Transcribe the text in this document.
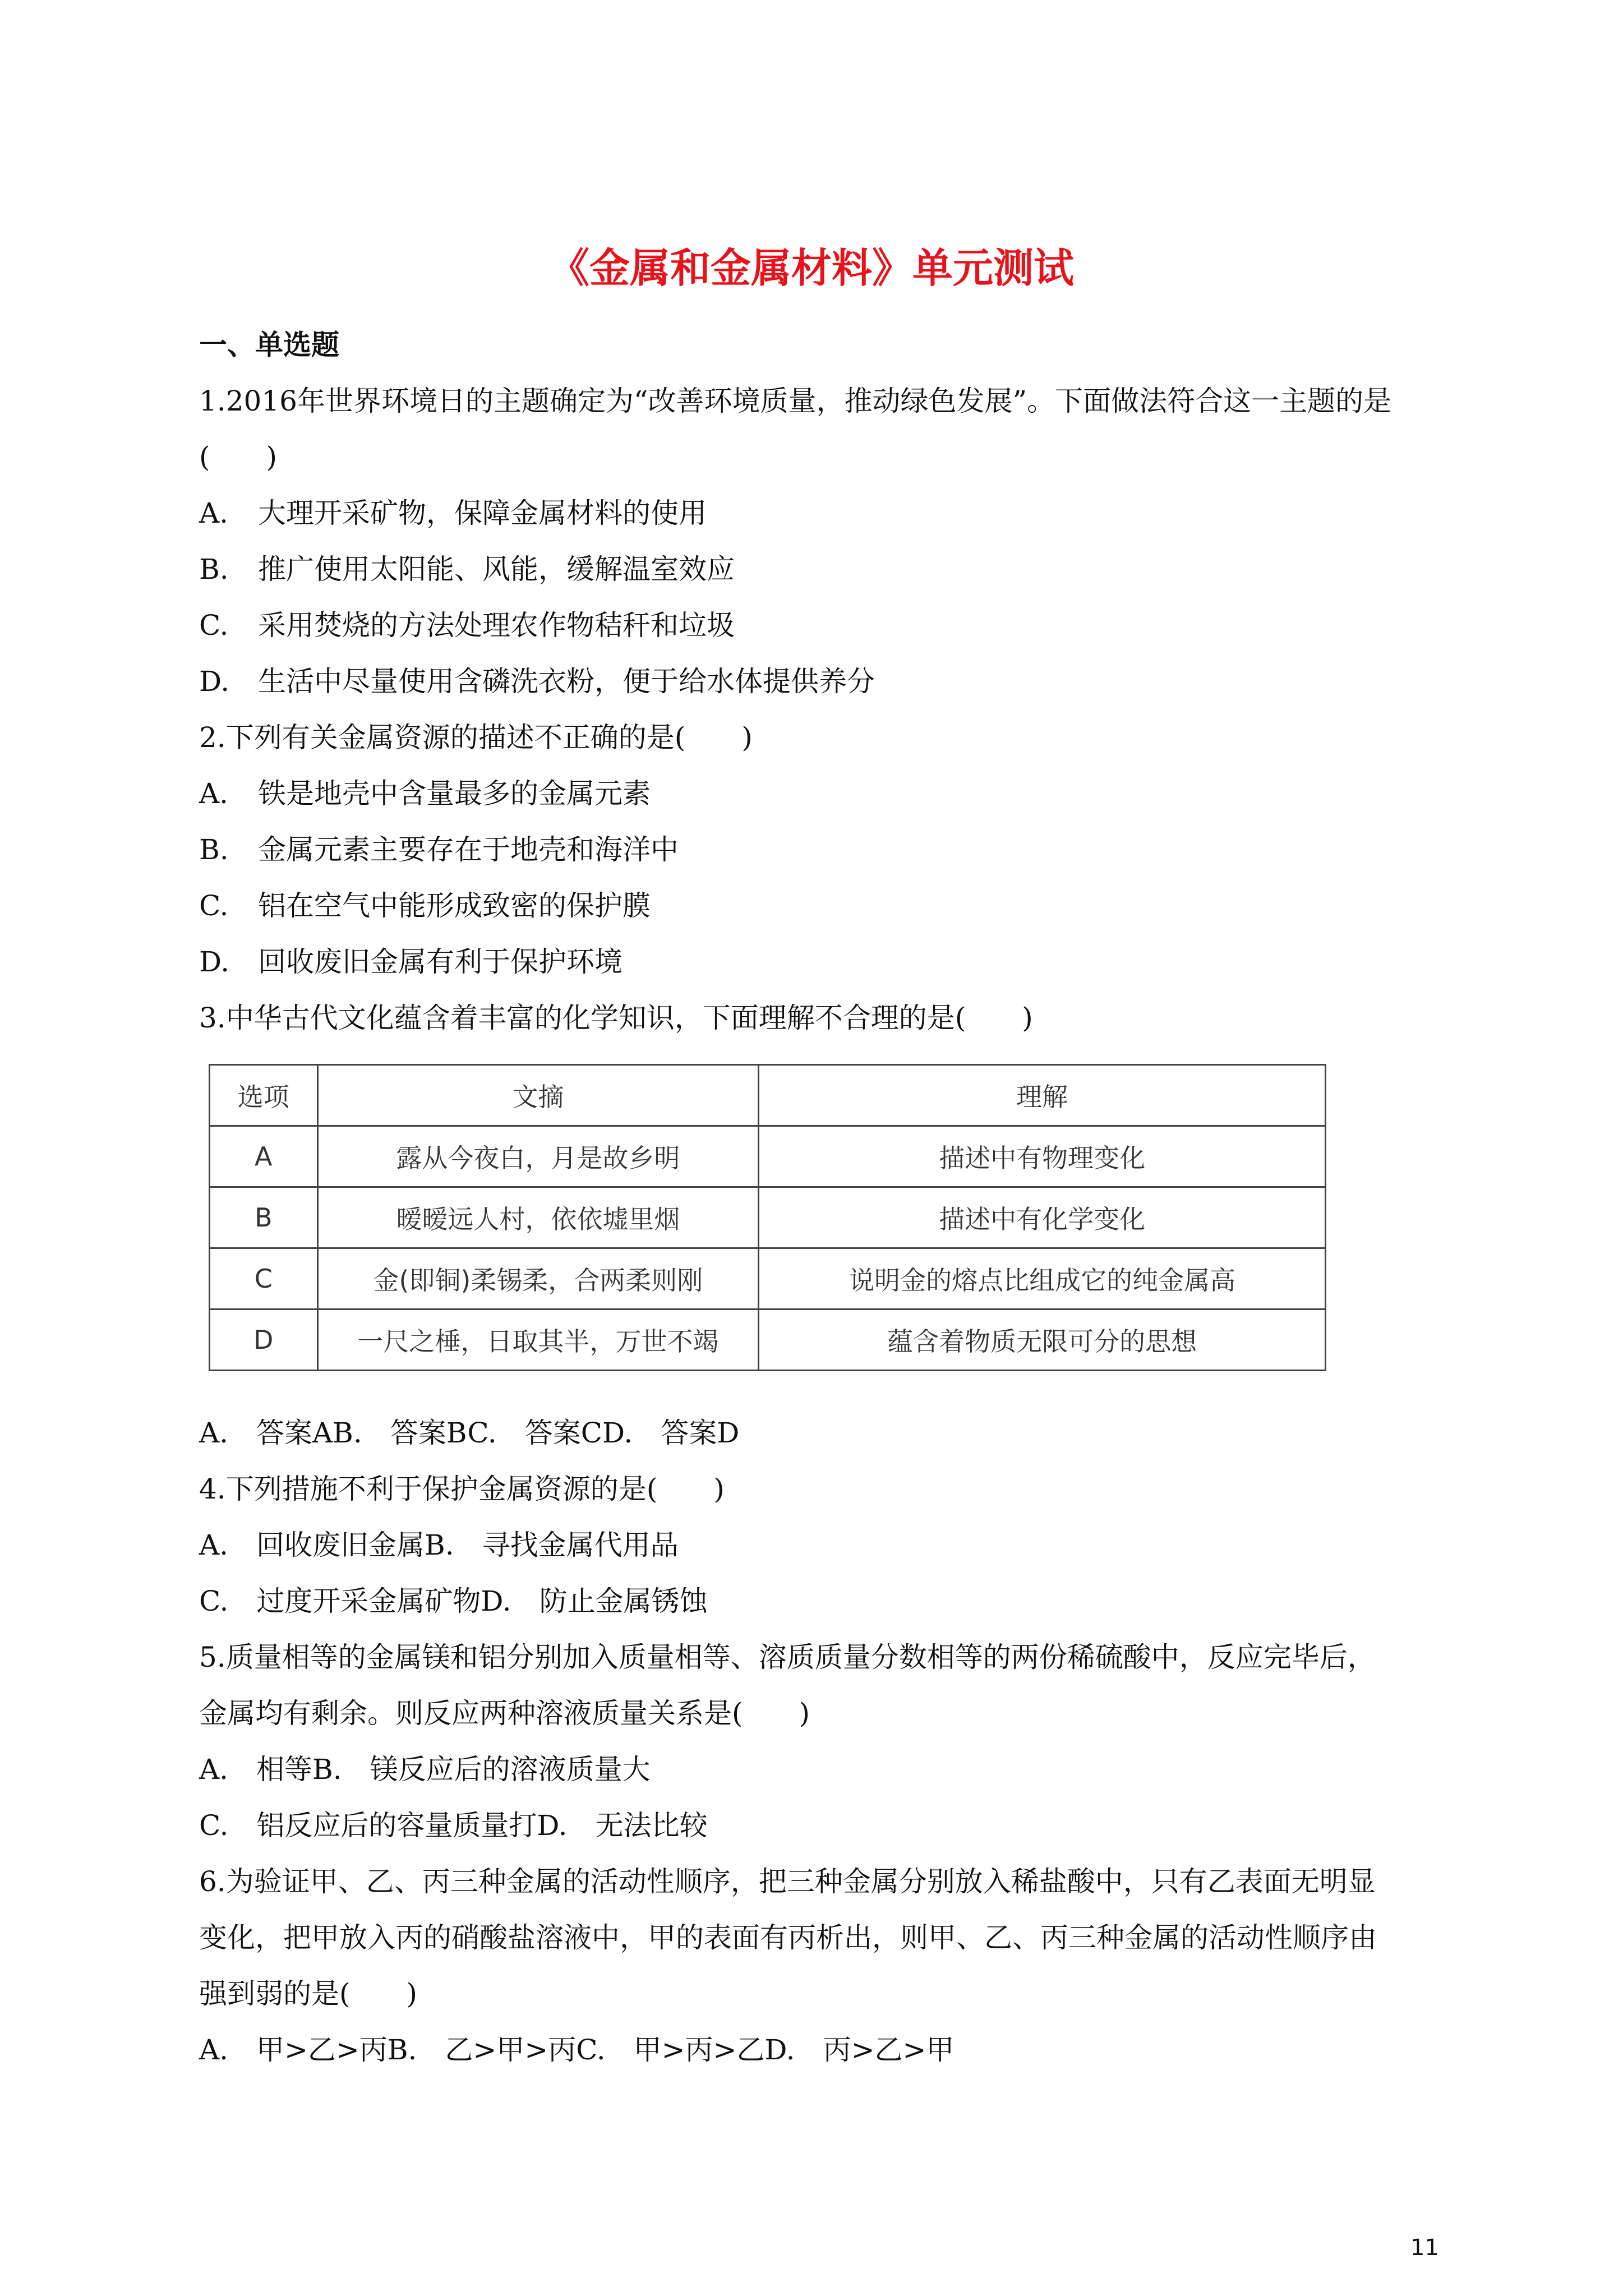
《金属和金属材料》单元测试
一、单选题
1.2016年世界环境日的主题确定为“改善环境质量，推动绿色发展”。下面做法符合这一主题的是
(　　)
A. 大理开采矿物，保障金属材料的使用
B. 推广使用太阳能、风能，缓解温室效应
C. 采用焚烧的方法处理农作物秸秆和垃圾
D. 生活中尽量使用含磷洗衣粉，便于给水体提供养分
2.下列有关金属资源的描述不正确的是(　　)
A. 铁是地壳中含量最多的金属元素
B. 金属元素主要存在于地壳和海洋中
C. 铝在空气中能形成致密的保护膜
D. 回收废旧金属有利于保护环境
3.中华古代文化蕴含着丰富的化学知识，下面理解不合理的是(　　)
选项	文摘	理解
A	露从今夜白，月是故乡明	描述中有物理变化
B	暧暧远人村，依依墟里烟	描述中有化学变化
C	金(即铜)柔锡柔，合两柔则刚	说明金的熔点比组成它的纯金属高
D	一尺之棰，日取其半，万世不竭	蕴含着物质无限可分的思想
A.　答案AB.　答案BC.　答案CD.　答案D
4.下列措施不利于保护金属资源的是(　　)
A.　回收废旧金属B.　寻找金属代用品
C.　过度开采金属矿物D.　防止金属锈蚀
5.质量相等的金属镁和铝分别加入质量相等、溶质质量分数相等的两份稀硫酸中，反应完毕后，
金属均有剩余。则反应两种溶液质量关系是(　　)
A.　相等B.　镁反应后的溶液质量大
C.　铝反应后的容量质量打D.　无法比较
6.为验证甲、乙、丙三种金属的活动性顺序，把三种金属分别放入稀盐酸中，只有乙表面无明显
变化，把甲放入丙的硝酸盐溶液中，甲的表面有丙析出，则甲、乙、丙三种金属的活动性顺序由
强到弱的是(　　)
A.　甲>乙>丙B.　乙>甲>丙C.　甲>丙>乙D.　丙>乙>甲
11
